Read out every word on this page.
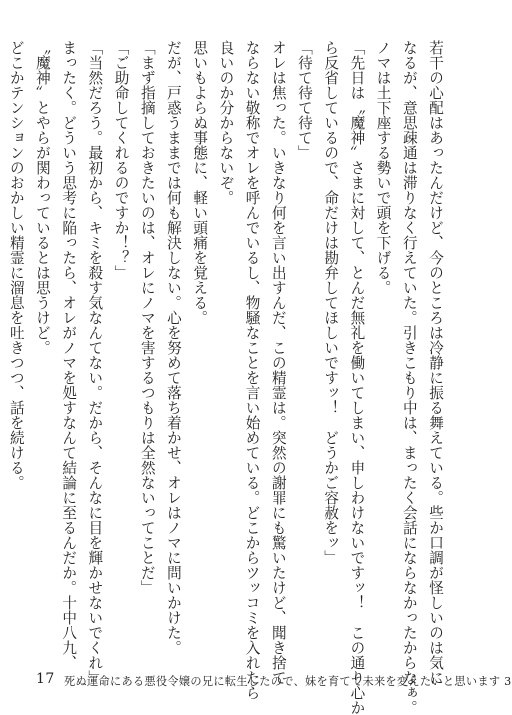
若干の心配はあったんだけど、今のところは冷静に振る舞えている。些か口調が怪しいのは気に
なるが、意思疎通は滞りなく行えていた。引きこもり中は、まったく会話にならなかったからなぁ。
ノマは土下座する勢いで頭を下げる。
「先日は〝魔神〟さまに対して、とんだ無礼を働いてしまい、申しわけないですッ！　この通り心か
ら反省しているので、命だけは勘弁してほしいですッ！　どうかご容赦をッ」
「待て待て待て」
オレは焦った。いきなり何を言い出すんだ、この精霊は。突然の謝罪にも驚いたけど、聞き捨て
ならない敬称でオレを呼んでいるし、物騒なことを言い始めている。どこからツッコミを入れたら
良いのか分からないぞ。
思いもよらぬ事態に、軽い頭痛を覚える。
だが、戸惑うままでは何も解決しない。心を努めて落ち着かせ、オレはノマに問いかけた。
「まず指摘しておきたいのは、オレにノマを害するつもりは全然ないってことだ」
「ご助命してくれるのですか！？」
「当然だろう。最初から、キミを殺す気なんてない。だから、そんなに目を輝かせないでくれ」
まったく。どういう思考に陥ったら、オレがノマを処すなんて結論に至るんだか。十中八九、
〝魔神〟とやらが関わっているとは思うけど。
どこかテンションのおかしい精霊に溜息を吐きつつ、話を続ける。
17 死ぬ運命にある悪役令嬢の兄に転生したので、妹を育てて未来を変えたいと思います 3
